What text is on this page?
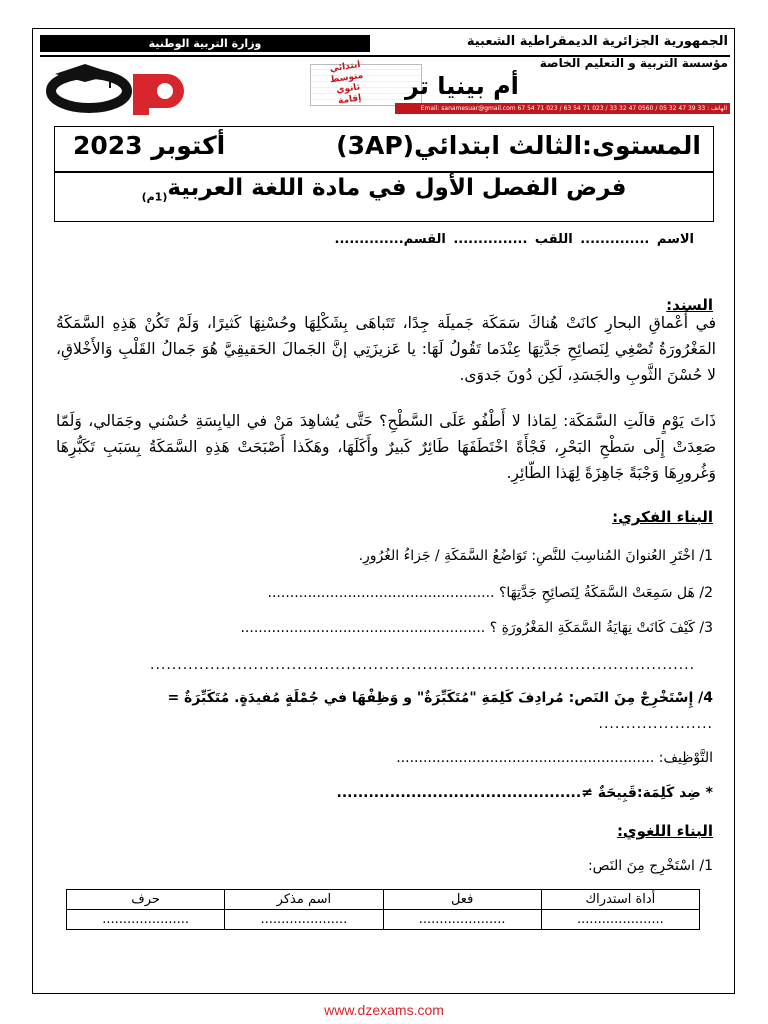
وزارة التربية الوطنية	الجمهورية الجزائرية الديمقراطية الشعبية
مؤسسة التربية و التعليم الخاصة
ابتدائي
متوسط
ثانوي
إقامة	أم بينيا تر
الهاتف : 33 39 47 32 05 / 0560 47 32 33 / 023 71 54 63 / 023 71 54 67 Email: sanamesuar@gmail.com
المستوى:الثالث ابتدائي(3AP)
أكتوبر 2023
فرض الفصل الأول في مادة اللغة العربية$_{(1م)}$
الاسم .............. اللقب ............... القسم..............
السند:
في أَعْماقِ البحارِ كانَتْ هُناكَ سَمَكَة جَميلَة جِدًا، تَتَباهَى بِشَكْلِهَا وحُسْنِهَا كَثيرًا، وَلَمْ تَكُنْ هَذِهِ السَّمَكَةُ المَغْرُورَةُ تُصْغِي لِنَصائِحِ جَدَّتِهَا عِنْدَما تَقُولُ لَهَا: يا عَزيزَتِي إنَّ الجَمالَ الحَقيقِيَّ هُوَ جَمالُ القَلْبِ وَالأَخْلاقِ، لا حُسْنَ الثَّوبِ والجَسَدِ، لَكِن دُونَ جَدوَى.
ذَاتَ يَوْمٍ قالَتِ السَّمَكَة: لِمَاذا لا أَطْفُو عَلَى السَّطْحِ؟ حَتَّى يُشاهِدَ مَنْ في اليابِسَةِ حُسْني وجَمَالي، وَلَمّا صَعِدَتْ إِلَى سَطْحِ البَحْرِ، فَجْأَةً اخْتَطَفَهَا طَائِرٌ كَبيرٌ وأَكَلَهَا، وهَكَذا أَصْبَحَتْ هَذِهِ السَّمَكَةُ بِسَبَبِ تَكَبُّرِهَا وَغُرورِهَا وَجْبَةً جَاهِزَةً لِهَذا الطّائِرِ.
البناء الفكري:
1/ اخْتَرِ العُنوانَ المُناسِبَ للنَّصِ: تَوَاضُعُ السَّمَكَةِ / جَزاءُ الغُرُورِ.
2/ هَل سَمِعَتْ السَّمَكَةُ لِنَصائِحِ جَدَّتِهَا؟ ...................................................
3/ كَيْفَ كَانَتْ نِهَايَةُ السَّمَكَةِ المَغْرُورَةِ ؟ .......................................................
....................................................................................................
4/ إِسْتَخْرِجْ مِنَ النَص: مُرادِفَ كَلِمَةِ "مُتَكَبِّرَةٌ" و وَظِفْهَا في جُمْلَةٍ مُفيدَةٍ. مُتَكَبِّرَةٌ =
.....................
التَّوْظِيف: ..........................................................
* ضِد كَلِمَة:قَبِيحَةٌ ≠..............................................
البناء اللغوي:
1/ اسْتَخْرِج مِنَ النَص:
أداة استدراك	فعل	اسم مذكر	حرف
.....................	.....................	.....................	.....................
www.dzexams.com
